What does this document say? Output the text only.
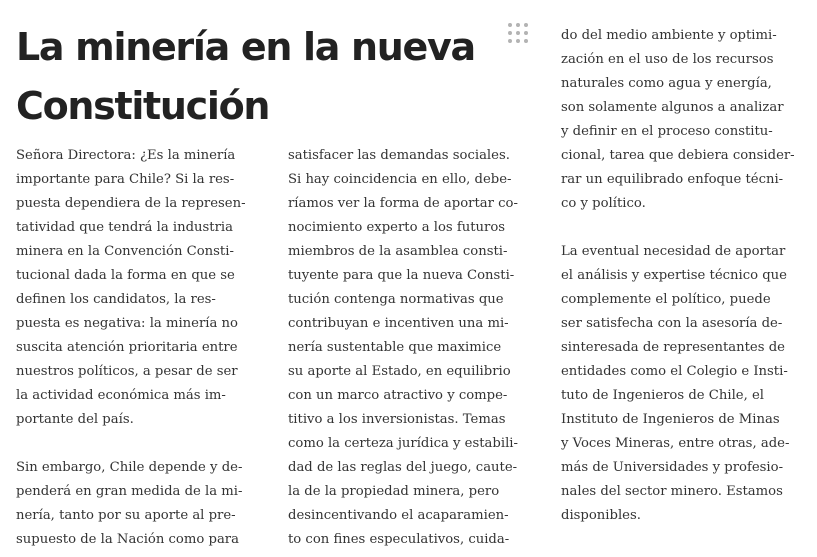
La minería en la nueva
Constitución
Señora Directora: ¿Es la minería
importante para Chile? Si la res-
puesta dependiera de la represen-
tatividad que tendrá la industria
minera en la Convención Consti-
tucional dada la forma en que se
definen los candidatos, la res-
puesta es negativa: la minería no
suscita atención prioritaria entre
nuestros políticos, a pesar de ser
la actividad económica más im-
portante del país.
Sin embargo, Chile depende y de-
penderá en gran medida de la mi-
nería, tanto por su aporte al pre-
supuesto de la Nación como para
satisfacer las demandas sociales.
Si hay coincidencia en ello, debe-
ríamos ver la forma de aportar co-
nocimiento experto a los futuros
miembros de la asamblea consti-
tuyente para que la nueva Consti-
tución contenga normativas que
contribuyan e incentiven una mi-
nería sustentable que maximice
su aporte al Estado, en equilibrio
con un marco atractivo y compe-
titivo a los inversionistas. Temas
como la certeza jurídica y estabili-
dad de las reglas del juego, caute-
la de la propiedad minera, pero
desincentivando el acaparamien-
to con fines especulativos, cuida-
do del medio ambiente y optimi-
zación en el uso de los recursos
naturales como agua y energía,
son solamente algunos a analizar
y definir en el proceso constitu-
cional, tarea que debiera consider-
rar un equilibrado enfoque técni-
co y político.
La eventual necesidad de aportar
el análisis y expertise técnico que
complemente el político, puede
ser satisfecha con la asesoría de-
sinteresada de representantes de
entidades como el Colegio e Insti-
tuto de Ingenieros de Chile, el
Instituto de Ingenieros de Minas
y Voces Mineras, entre otras, ade-
más de Universidades y profesio-
nales del sector minero. Estamos
disponibles.
